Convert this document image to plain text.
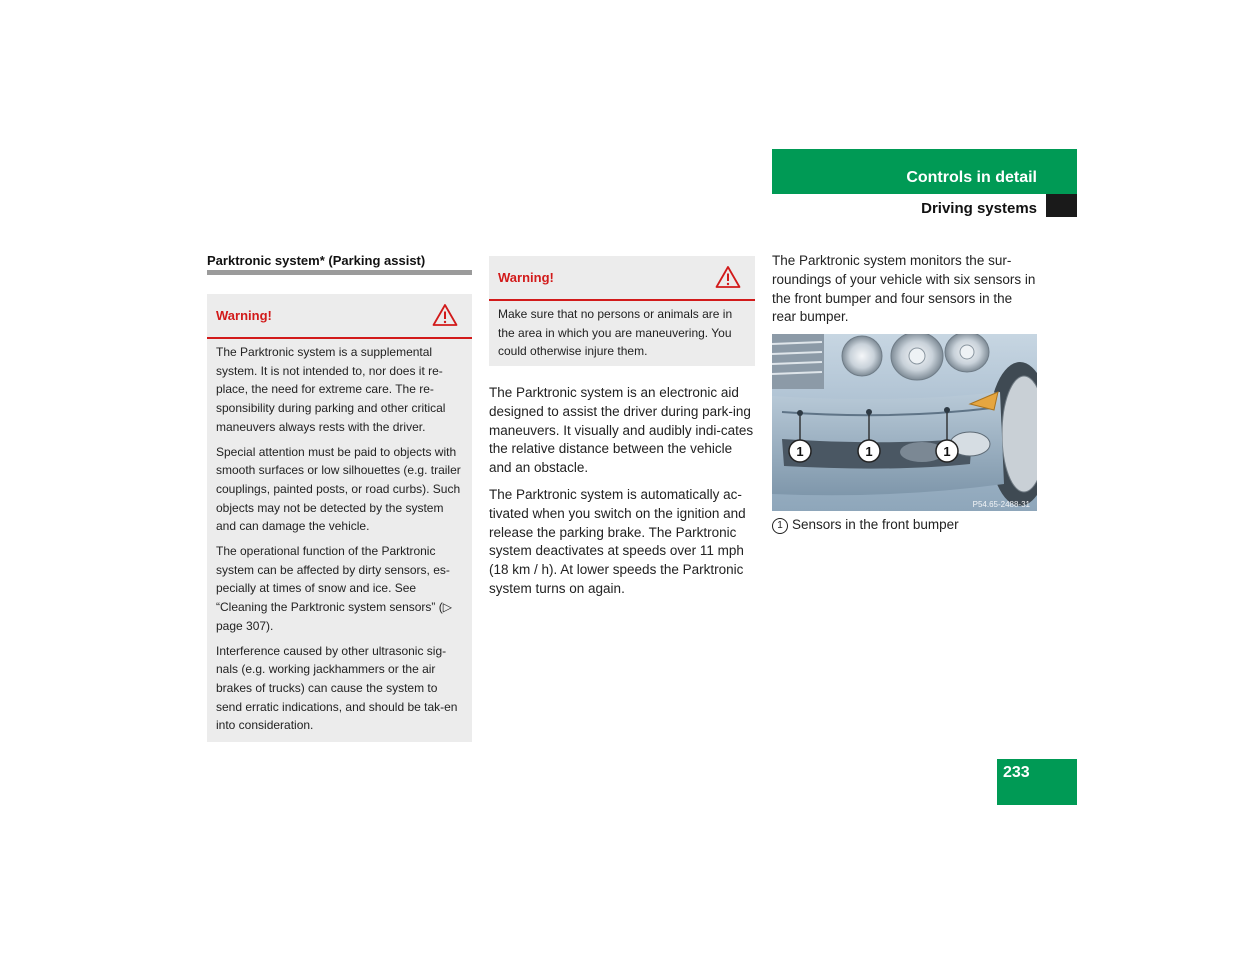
Controls in detail
Driving systems
Parktronic system* (Parking assist)
Warning!

The Parktronic system is a supplemental system. It is not intended to, nor does it re-place, the need for extreme care. The re-sponsibility during parking and other critical maneuvers always rests with the driver.

Special attention must be paid to objects with smooth surfaces or low silhouettes (e.g. trailer couplings, painted posts, or road curbs). Such objects may not be detected by the system and can damage the vehicle.

The operational function of the Parktronic system can be affected by dirty sensors, es-pecially at times of snow and ice. See “Cleaning the Parktronic system sensors” (▷ page 307).

Interference caused by other ultrasonic sig-nals (e.g. working jackhammers or the air brakes of trucks) can cause the system to send erratic indications, and should be tak-en into consideration.

Warning!

Make sure that no persons or animals are in the area in which you are maneuvering. You could otherwise injure them.

The Parktronic system is an electronic aid designed to assist the driver during park-ing maneuvers. It visually and audibly indi-cates the relative distance between the vehicle and an obstacle.

The Parktronic system is automatically ac-tivated when you switch on the ignition and release the parking brake. The Parktronic system deactivates at speeds over 11 mph (18 km / h). At lower speeds the Parktronic system turns on again.

The Parktronic system monitors the sur-roundings of your vehicle with six sensors in the front bumper and four sensors in the rear bumper.

1	1	1
P54.65-2488-31
1 Sensors in the front bumper
233
